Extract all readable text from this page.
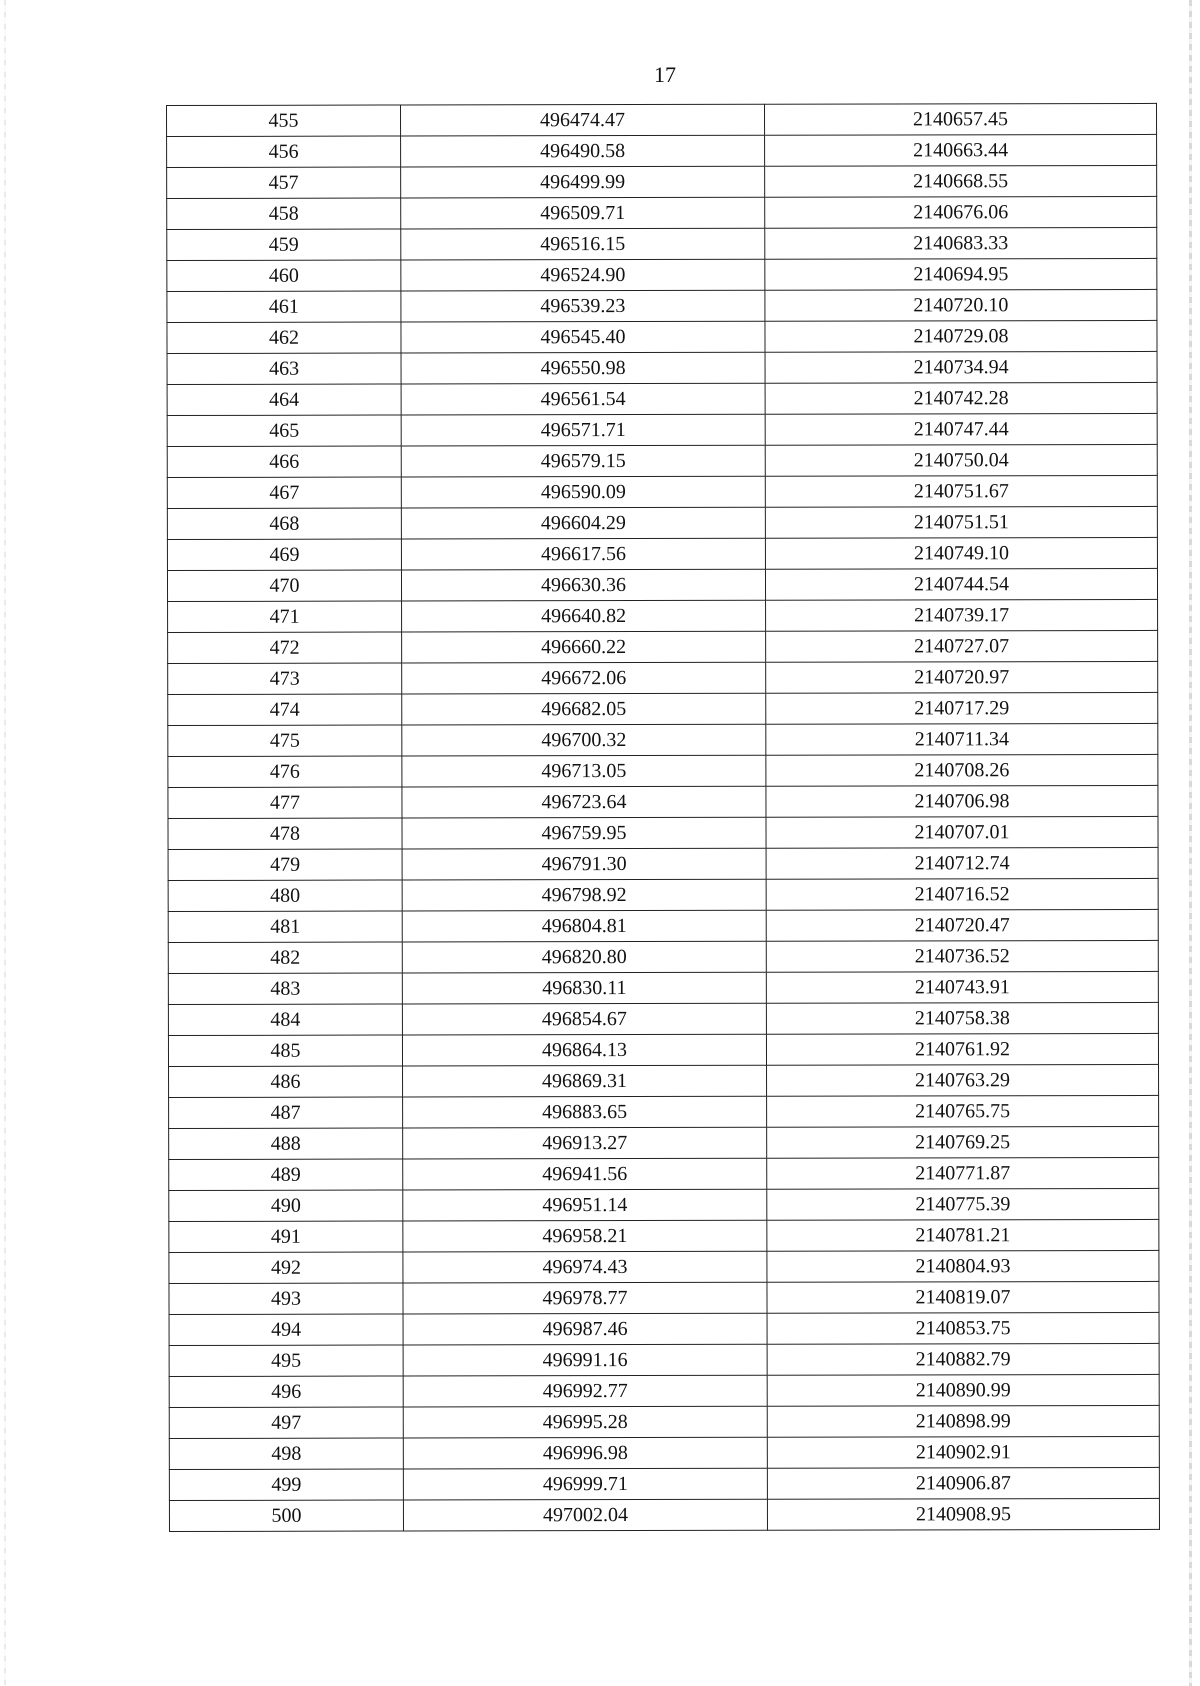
17
455	496474.47	2140657.45
456	496490.58	2140663.44
457	496499.99	2140668.55
458	496509.71	2140676.06
459	496516.15	2140683.33
460	496524.90	2140694.95
461	496539.23	2140720.10
462	496545.40	2140729.08
463	496550.98	2140734.94
464	496561.54	2140742.28
465	496571.71	2140747.44
466	496579.15	2140750.04
467	496590.09	2140751.67
468	496604.29	2140751.51
469	496617.56	2140749.10
470	496630.36	2140744.54
471	496640.82	2140739.17
472	496660.22	2140727.07
473	496672.06	2140720.97
474	496682.05	2140717.29
475	496700.32	2140711.34
476	496713.05	2140708.26
477	496723.64	2140706.98
478	496759.95	2140707.01
479	496791.30	2140712.74
480	496798.92	2140716.52
481	496804.81	2140720.47
482	496820.80	2140736.52
483	496830.11	2140743.91
484	496854.67	2140758.38
485	496864.13	2140761.92
486	496869.31	2140763.29
487	496883.65	2140765.75
488	496913.27	2140769.25
489	496941.56	2140771.87
490	496951.14	2140775.39
491	496958.21	2140781.21
492	496974.43	2140804.93
493	496978.77	2140819.07
494	496987.46	2140853.75
495	496991.16	2140882.79
496	496992.77	2140890.99
497	496995.28	2140898.99
498	496996.98	2140902.91
499	496999.71	2140906.87
500	497002.04	2140908.95
